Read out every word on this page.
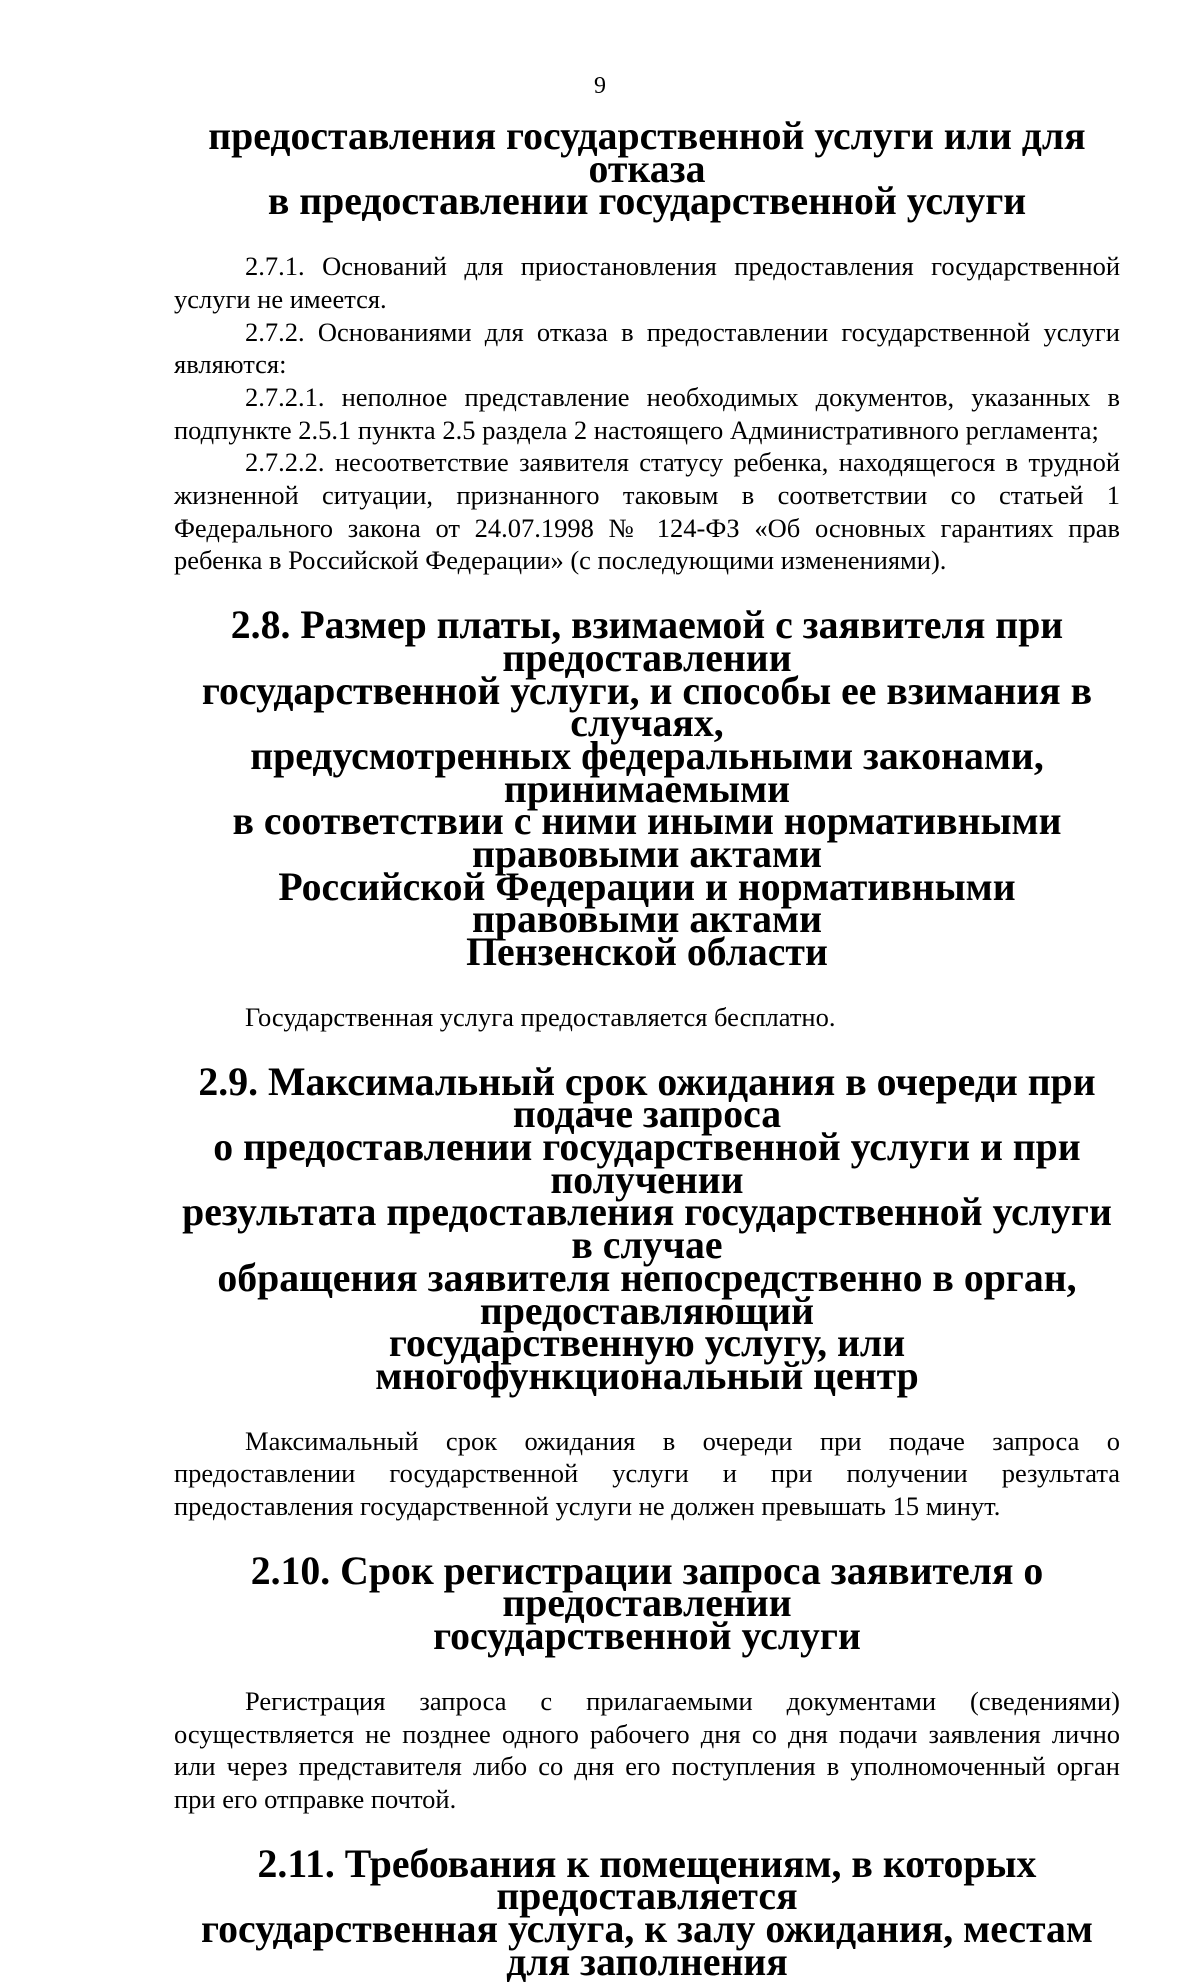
9
предоставления государственной услуги или для отказа
в предоставлении государственной услуги

2.7.1. Оснований для приостановления предоставления государственной услуги не имеется.

2.7.2. Основаниями для отказа в предоставлении государственной услуги являются:

2.7.2.1. неполное представление необходимых документов, указанных в подпункте 2.5.1 пункта 2.5 раздела 2 настоящего Административного регламента;

2.7.2.2. несоответствие заявителя статусу ребенка, находящегося в трудной жизненной ситуации, признанного таковым в соответствии со статьей 1 Федерального закона от 24.07.1998 № 124-ФЗ «Об основных гарантиях прав ребенка в Российской Федерации» (с последующими изменениями).

2.8. Размер платы, взимаемой с заявителя при предоставлении
государственной услуги, и способы ее взимания в случаях,
предусмотренных федеральными законами, принимаемыми
в соответствии с ними иными нормативными правовыми актами
Российской Федерации и нормативными правовыми актами
Пензенской области

Государственная услуга предоставляется бесплатно.

2.9. Максимальный срок ожидания в очереди при подаче запроса
о предоставлении государственной услуги и при получении
результата предоставления государственной услуги в случае
обращения заявителя непосредственно в орган, предоставляющий
государственную услугу, или многофункциональный центр

Максимальный срок ожидания в очереди при подаче запроса о предоставлении государственной услуги и при получении результата предоставления государственной услуги не должен превышать 15 минут.

2.10. Срок регистрации запроса заявителя о предоставлении
государственной услуги

Регистрация запроса с прилагаемыми документами (сведениями) осуществляется не позднее одного рабочего дня со дня подачи заявления лично или через представителя либо со дня его поступления в уполномоченный орган при его отправке почтой.

2.11. Требования к помещениям, в которых предоставляется
государственная услуга, к залу ожидания, местам для заполнения
